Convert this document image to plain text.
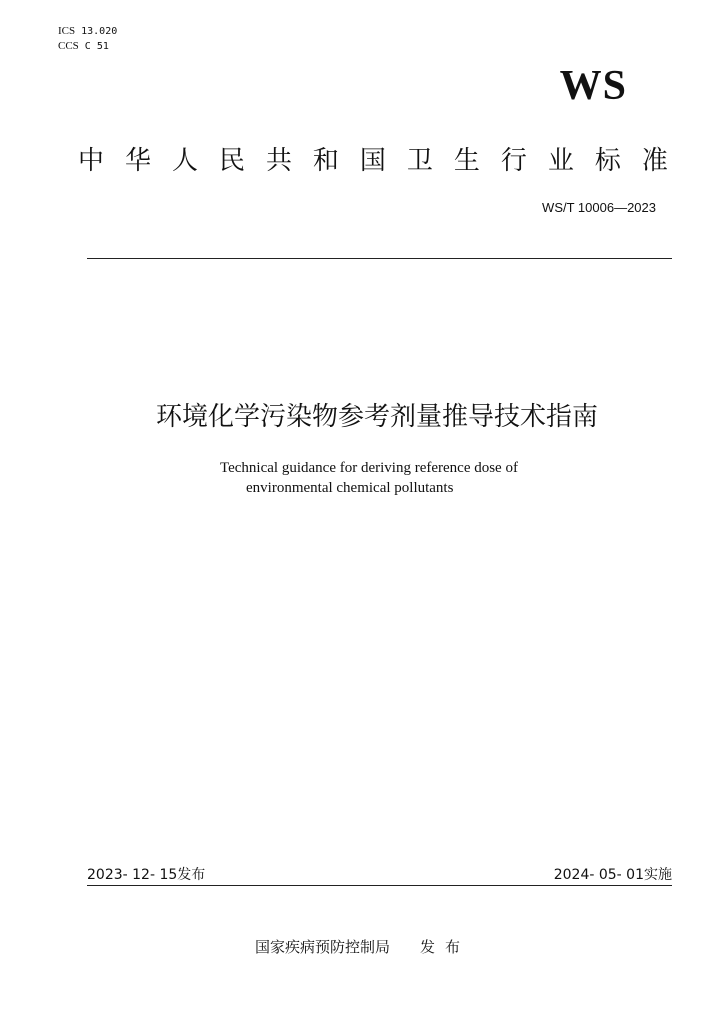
ICS 13.020
CCS C 51
WS
中 华 人 民 共 和 国 卫 生 行 业 标 准
WS/T 10006—2023
环境化学污染物参考剂量推导技术指南
Technical guidance for deriving reference dose of
environmental chemical pollutants
2023- 12- 15发布	2024- 05- 01实施
国家疾病预防控制局 发布
